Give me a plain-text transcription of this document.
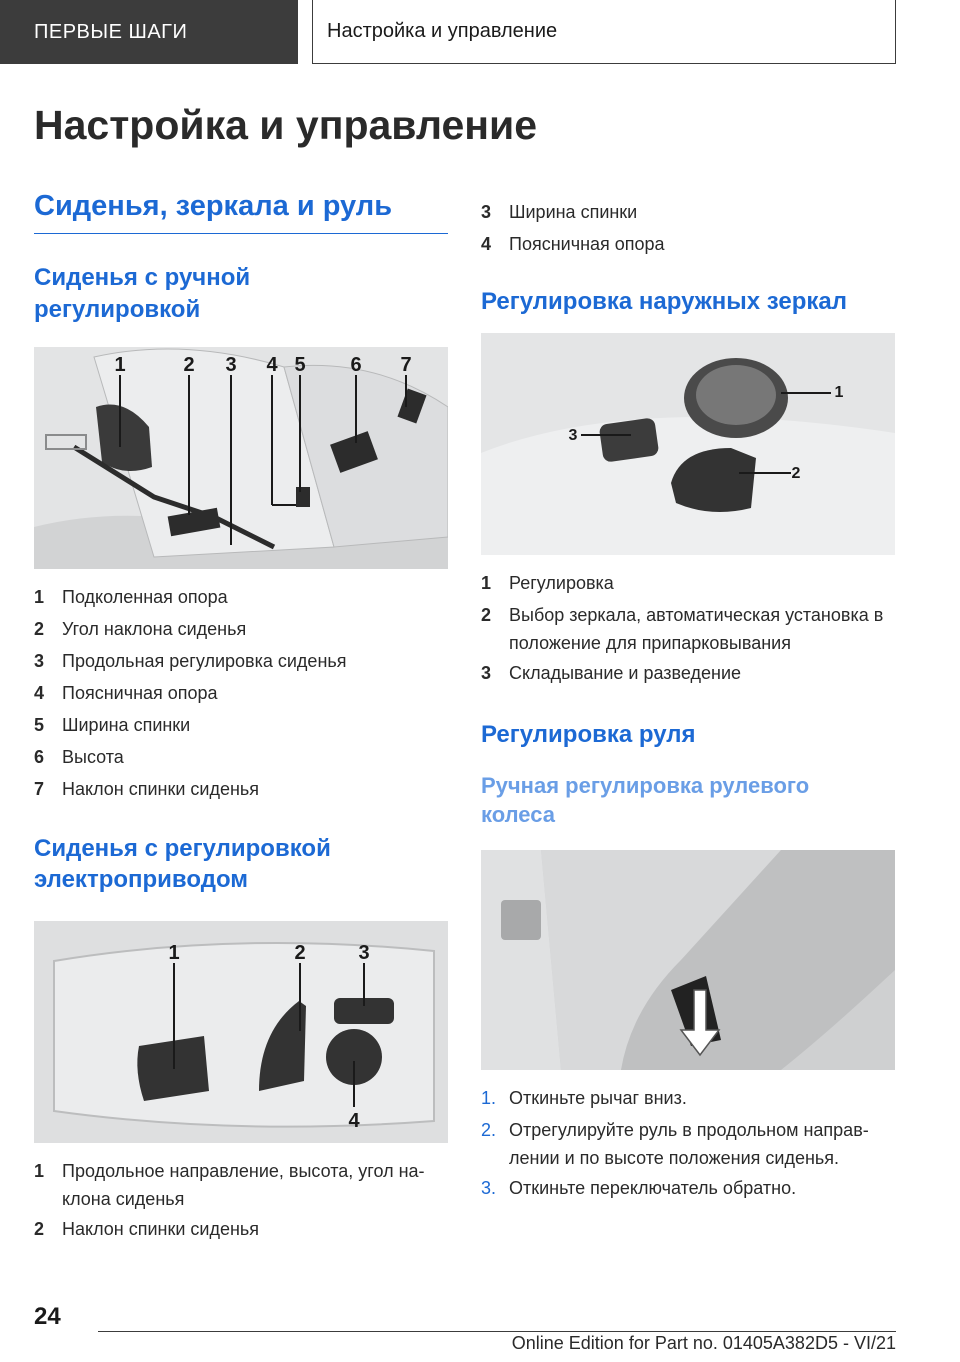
ПЕРВЫЕ ШАГИ	Настройка и управление
Настройка и управление
Сиденья, зеркала и руль
Сиденья с ручной регулировкой
1	2 3 4 5 6 7
1 Подколенная опора
2 Угол наклона сиденья
3 Продольная регулировка сиденья
4 Поясничная опора
5 Ширина спинки
6 Высота
7 Наклон спинки сиденья
Сиденья с регулировкой электроприводом
1	2	3
4
1 Продольное направление, высота, угол наклона сиденья
2 Наклон спинки сиденья
3 Ширина спинки
4 Поясничная опора
Регулировка наружных зеркал
1
2
3
1 Регулировка
2 Выбор зеркала, автоматическая установка в положение для припарковывания
3 Складывание и разведение
Регулировка руля
Ручная регулировка рулевого колеса
1. Откиньте рычаг вниз.
2. Отрегулируйте руль в продольном направлении и по высоте положения сиденья.
3. Откиньте переключатель обратно.
24
Online Edition for Part no. 01405A382D5 - VI/21
